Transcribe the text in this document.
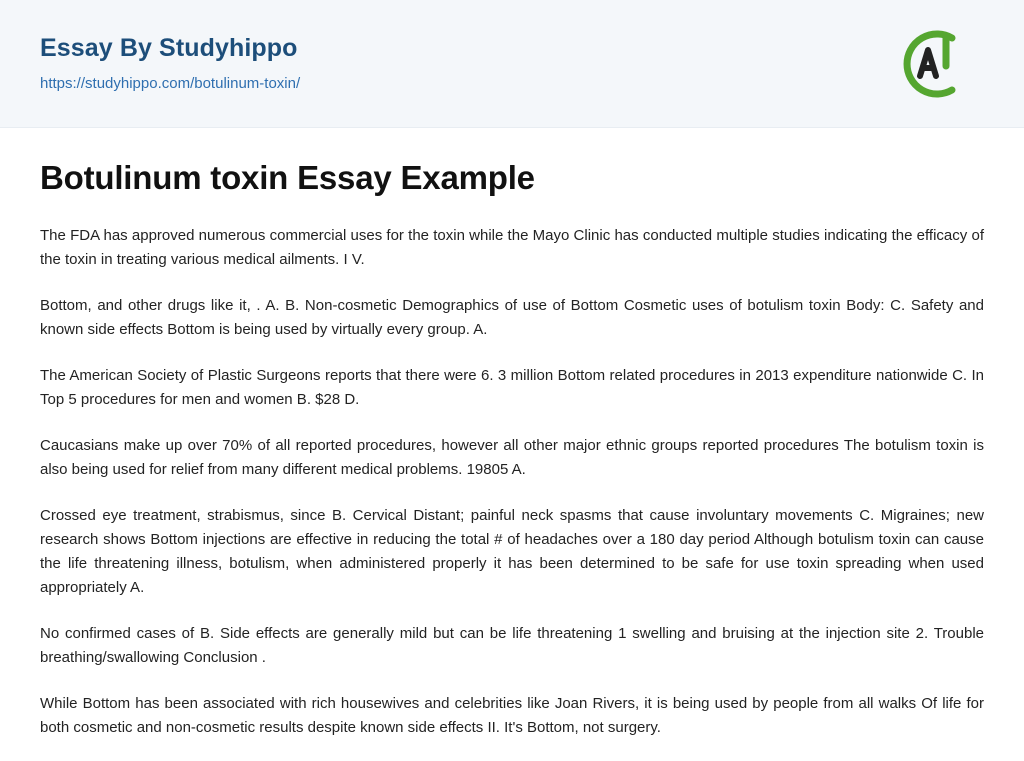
Essay By Studyhippo
https://studyhippo.com/botulinum-toxin/
Botulinum toxin Essay Example

The FDA has approved numerous commercial uses for the toxin while the Mayo Clinic has conducted multiple studies indicating the efficacy of the toxin in treating various medical ailments. I V.

Bottom, and other drugs like it, . A. B. Non-cosmetic Demographics of use of Bottom Cosmetic uses of botulism toxin Body: C. Safety and known side effects Bottom is being used by virtually every group. A.

The American Society of Plastic Surgeons reports that there were 6. 3 million Bottom related procedures in 2013 expenditure nationwide C. In Top 5 procedures for men and women B. $28 D.

Caucasians make up over 70% of all reported procedures, however all other major ethnic groups reported procedures The botulism toxin is also being used for relief from many different medical problems. 19805 A.

Crossed eye treatment, strabismus, since B. Cervical Distant; painful neck spasms that cause involuntary movements C. Migraines; new research shows Bottom injections are effective in reducing the total # of headaches over a 180 day period Although botulism toxin can cause the life threatening illness, botulism, when administered properly it has been determined to be safe for use toxin spreading when used appropriately A.

No confirmed cases of B. Side effects are generally mild but can be life threatening 1 swelling and bruising at the injection site 2. Trouble breathing/swallowing Conclusion .

While Bottom has been associated with rich housewives and celebrities like Joan Rivers, it is being used by people from all walks Of life for both cosmetic and non-cosmetic results despite known side effects II. It's Bottom, not surgery.
